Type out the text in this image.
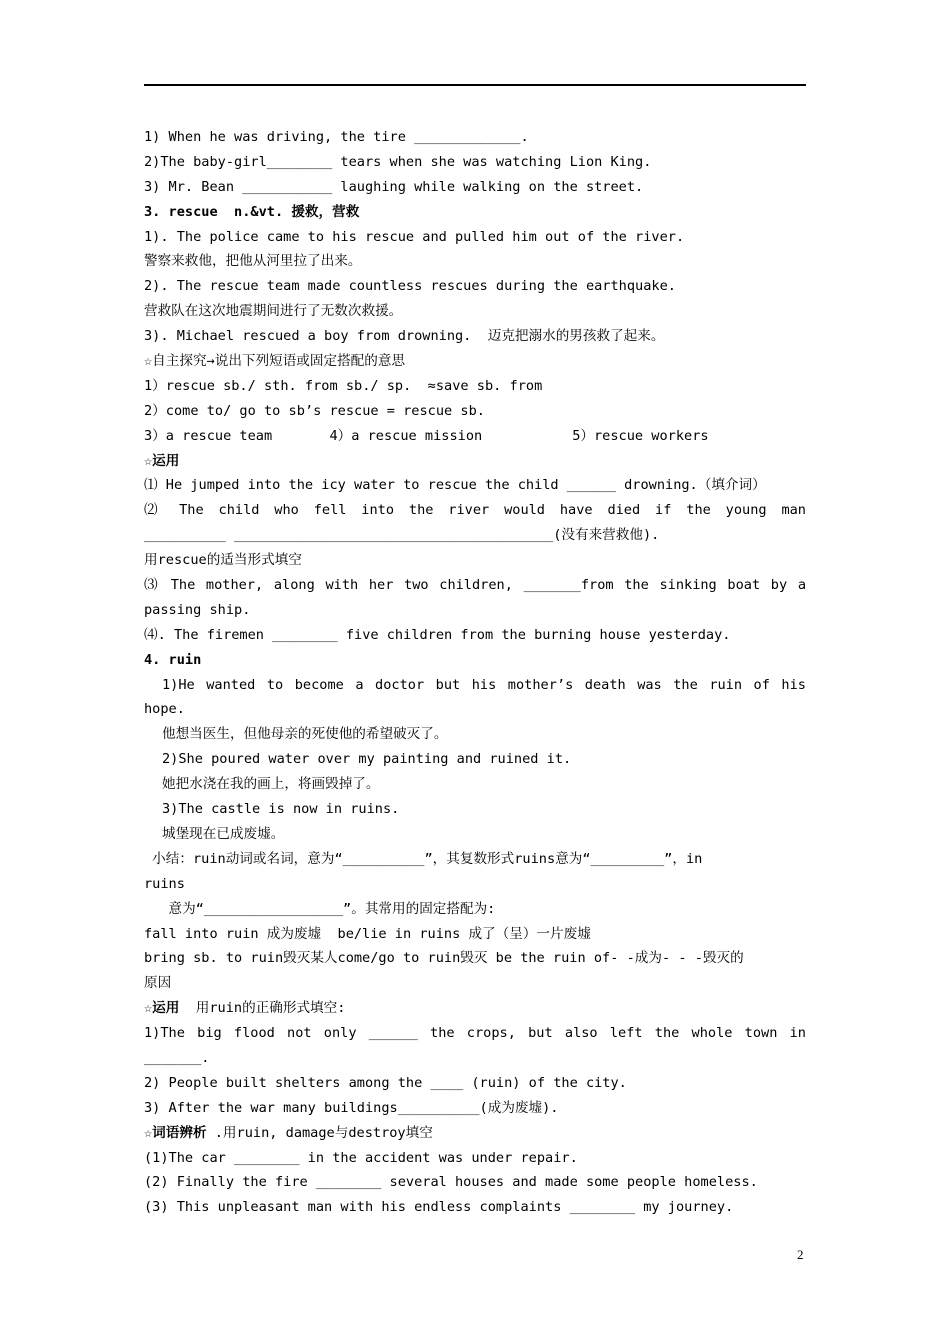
1) When he was driving, the tire _____________.
2)The baby-girl________ tears when she was watching Lion King.
3) Mr. Bean ___________ laughing while walking on the street.
3. rescue  n.&vt. 援救，营救
1). The police came to his rescue and pulled him out of the river.
警察来救他，把他从河里拉了出来。
2). The rescue team made countless rescues during the earthquake.
营救队在这次地震期间进行了无数次救援。
3). Michael rescued a boy from drowning.  迈克把溺水的男孩救了起来。
☆自主探究→说出下列短语或固定搭配的意思
1）rescue sb./ sth. from sb./ sp.  ≈save sb. from
2）come to/ go to sb’s rescue = rescue sb.
3）a rescue team       4）a rescue mission           5）rescue workers
☆运用
⑴ He jumped into the icy water to rescue the child ______ drowning.（填介词）
⑵ The child who fell into the river would have died if the young man
__________ _______________________________________(没有来营救他).
用rescue的适当形式填空
⑶ The mother, along with her two children, _______from the sinking boat by a
passing ship.
⑷. The firemen ________ five children from the burning house yesterday.
4. ruin
1)He wanted to become a doctor but his mother’s death was the ruin of his
hope.
他想当医生，但他母亲的死使他的希望破灭了。
2)She poured water over my painting and ruined it.
她把水浇在我的画上，将画毁掉了。
3)The castle is now in ruins.
城堡现在已成废墟。
小结：ruin动词或名词，意为“__________”，其复数形式ruins意为“_________”，in
ruins
意为“_________________”。其常用的固定搭配为:
fall into ruin 成为废墟  be/lie in ruins 成了（呈）一片废墟
bring sb. to ruin毁灭某人come/go to ruin毁灭 be the ruin of- -成为- - -毁灭的
原因
☆运用  用ruin的正确形式填空:
1)The big flood not only ______ the crops, but also left the whole town in
_______.
2) People built shelters among the ____ (ruin) of the city.
3) After the war many buildings__________(成为废墟).
☆词语辨析 .用ruin, damage与destroy填空
(1)The car ________ in the accident was under repair.
(2) Finally the fire ________ several houses and made some people homeless.
(3) This unpleasant man with his endless complaints ________ my journey.
2
